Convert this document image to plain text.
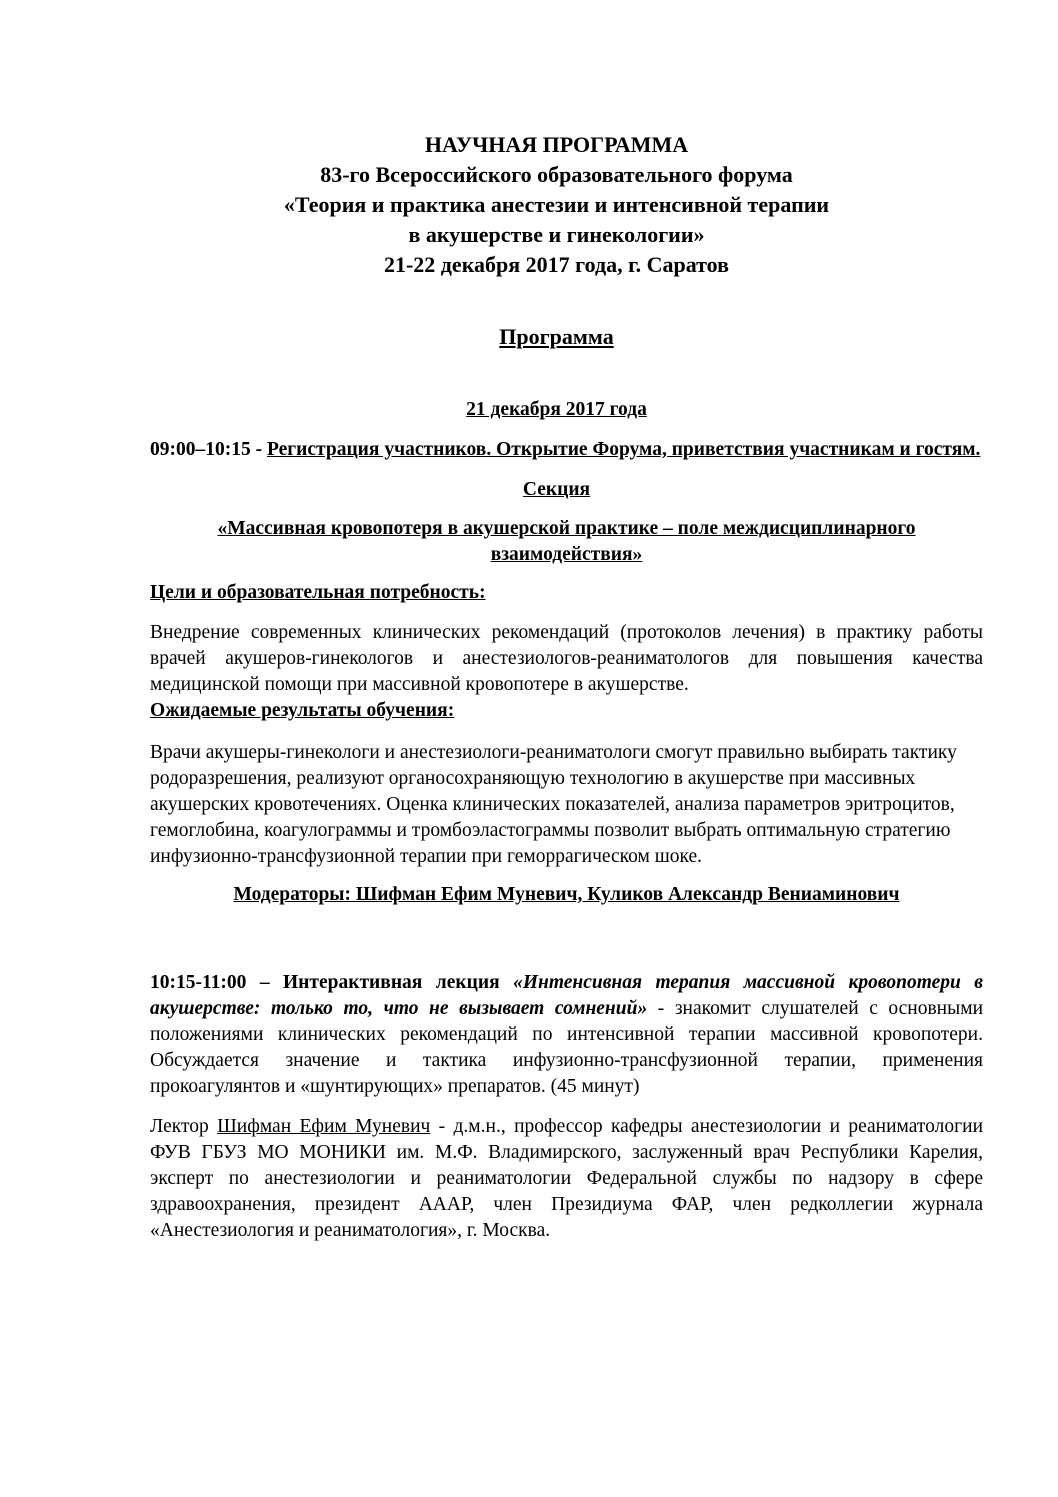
НАУЧНАЯ ПРОГРАММА
83-го Всероссийского образовательного форума
«Теория и практика анестезии и интенсивной терапии
в акушерстве и гинекологии»
21-22 декабря 2017 года, г. Саратов
Программа
21 декабря 2017 года
09:00–10:15 - Регистрация участников. Открытие Форума, приветствия участникам и гостям.
Секция
«Массивная кровопотеря в акушерской практике – поле междисциплинарного взаимодействия»
Цели и образовательная потребность:
Внедрение современных клинических рекомендаций (протоколов лечения) в практику работы врачей акушеров-гинекологов и анестезиологов-реаниматологов для повышения качества медицинской помощи при массивной кровопотере в акушерстве.
Ожидаемые результаты обучения:
Врачи акушеры-гинекологи и анестезиологи-реаниматологи смогут правильно выбирать тактику родоразрешения, реализуют органосохраняющую технологию в акушерстве при массивных акушерских кровотечениях. Оценка клинических показателей, анализа параметров эритроцитов, гемоглобина, коагулограммы и тромбоэластограммы позволит выбрать оптимальную стратегию инфузионно-трансфузионной терапии при геморрагическом шоке.
Модераторы: Шифман Ефим Муневич, Куликов Александр Вениаминович
10:15-11:00 – Интерактивная лекция «Интенсивная терапия массивной кровопотери в акушерстве: только то, что не вызывает сомнений» - знакомит слушателей с основными положениями клинических рекомендаций по интенсивной терапии массивной кровопотери. Обсуждается значение и тактика инфузионно-трансфузионной терапии, применения прокоагулянтов и «шунтирующих» препаратов. (45 минут)
Лектор Шифман Ефим Муневич - д.м.н., профессор кафедры анестезиологии и реаниматологии ФУВ ГБУЗ МО МОНИКИ им. М.Ф. Владимирского, заслуженный врач Республики Карелия, эксперт по анестезиологии и реаниматологии Федеральной службы по надзору в сфере здравоохранения, президент АААР, член Президиума ФАР, член редколлегии журнала «Анестезиология и реаниматология», г. Москва.
